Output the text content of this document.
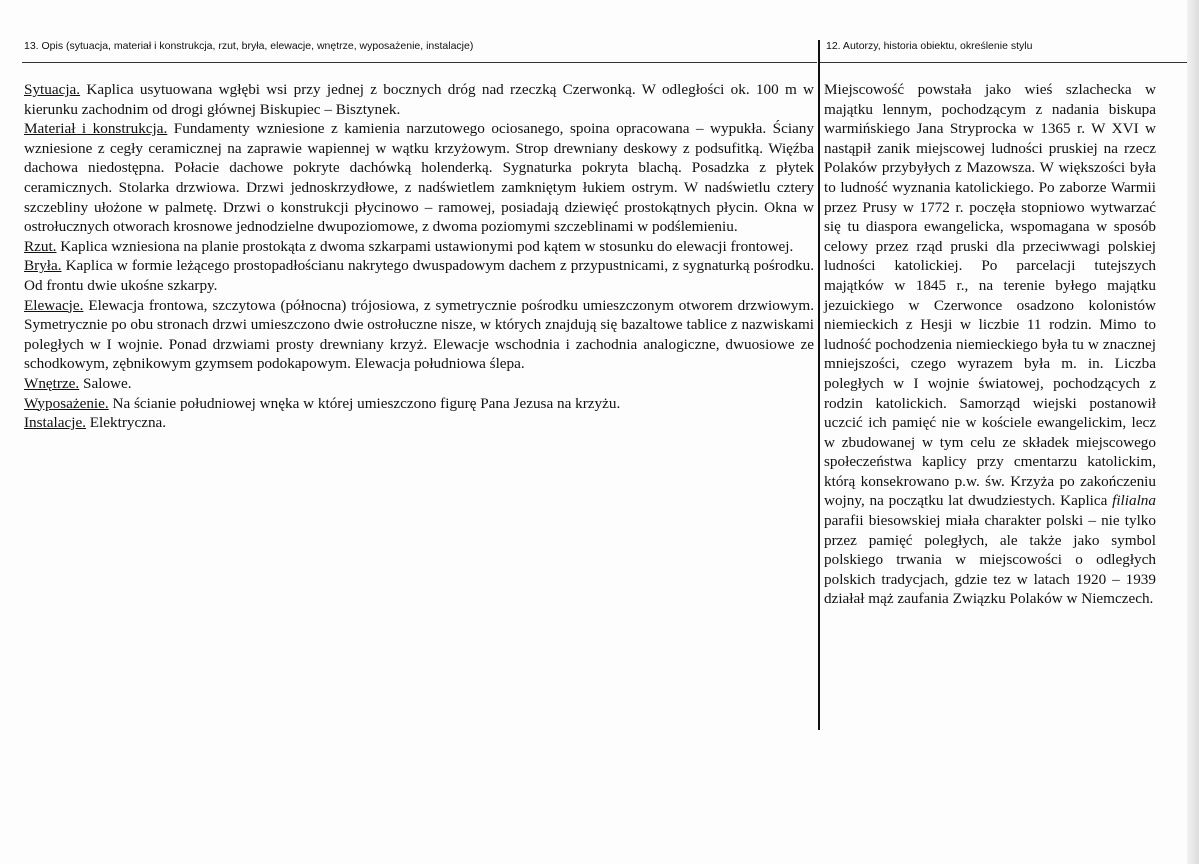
13. Opis (sytuacja, materiał i konstrukcja, rzut, bryła, elewacje, wnętrze, wyposażenie, instalacje)	12. Autorzy, historia obiektu, określenie stylu

Sytuacja. Kaplica usytuowana wgłębi wsi przy jednej z bocznych dróg nad rzeczką Czerwonką. W odległości ok. 100 m w kierunku zachodnim od drogi głównej Biskupiec – Bisztynek.

Materiał i konstrukcja. Fundamenty wzniesione z kamienia narzutowego ociosanego, spoina opracowana – wypukła. Ściany wzniesione z cegły ceramicznej na zaprawie wapiennej w wątku krzyżowym. Strop drewniany deskowy z podsufitką. Więźba dachowa niedostępna. Połacie dachowe pokryte dachówką holenderką. Sygnaturka pokryta blachą. Posadzka z płytek ceramicznych. Stolarka drzwiowa. Drzwi jednoskrzydłowe, z nadświetlem zamkniętym łukiem ostrym. W nadświetlu cztery szczebliny ułożone w palmetę. Drzwi o konstrukcji płycinowo – ramowej, posiadają dziewięć prostokątnych płycin. Okna w ostrołucznych otworach krosnowe jednodzielne dwupoziomowe, z dwoma poziomymi szczeblinami w podślemieniu.

Rzut. Kaplica wzniesiona na planie prostokąta z dwoma szkarpami ustawionymi pod kątem w stosunku do elewacji frontowej.

Bryła. Kaplica w formie leżącego prostopadłościanu nakrytego dwuspadowym dachem z przypustnicami, z sygnaturką pośrodku. Od frontu dwie ukośne szkarpy.

Elewacje. Elewacja frontowa, szczytowa (północna) trójosiowa, z symetrycznie pośrodku umieszczonym otworem drzwiowym. Symetrycznie po obu stronach drzwi umieszczono dwie ostrołuczne nisze, w których znajdują się bazaltowe tablice z nazwiskami poległych w I wojnie. Ponad drzwiami prosty drewniany krzyż. Elewacje wschodnia i zachodnia analogiczne, dwuosiowe ze schodkowym, zębnikowym gzymsem podokapowym. Elewacja południowa ślepa.

Wnętrze. Salowe.

Wyposażenie. Na ścianie południowej wnęka w której umieszczono figurę Pana Jezusa na krzyżu.

Instalacje. Elektryczna.

Miejscowość powstała jako wieś szlachecka w majątku lennym, pochodzącym z nadania biskupa warmińskiego Jana Stryprocka w 1365 r. W XVI w nastąpił zanik miejscowej ludności pruskiej na rzecz Polaków przybyłych z Mazowsza. W większości była to ludność wyznania katolickiego. Po zaborze Warmii przez Prusy w 1772 r. poczęła stopniowo wytwarzać się tu diaspora ewangelicka, wspomagana w sposób celowy przez rząd pruski dla przeciwwagi polskiej ludności katolickiej. Po parcelacji tutejszych majątków w 1845 r., na terenie byłego majątku jezuickiego w Czerwonce osadzono kolonistów niemieckich z Hesji w liczbie 11 rodzin. Mimo to ludność pochodzenia niemieckiego była tu w znacznej mniejszości, czego wyrazem była m. in. Liczba poległych w I wojnie światowej, pochodzących z rodzin katolickich. Samorząd wiejski postanowił uczcić ich pamięć nie w kościele ewangelickim, lecz w zbudowanej w tym celu ze składek miejscowego społeczeństwa kaplicy przy cmentarzu katolickim, którą konsekrowano p.w. św. Krzyża po zakończeniu wojny, na początku lat dwudziestych. Kaplica filialna parafii biesowskiej miała charakter polski – nie tylko przez pamięć poległych, ale także jako symbol polskiego trwania w miejscowości o odległych polskich tradycjach, gdzie tez w latach 1920 – 1939 działał mąż zaufania Związku Polaków w Niemczech.
